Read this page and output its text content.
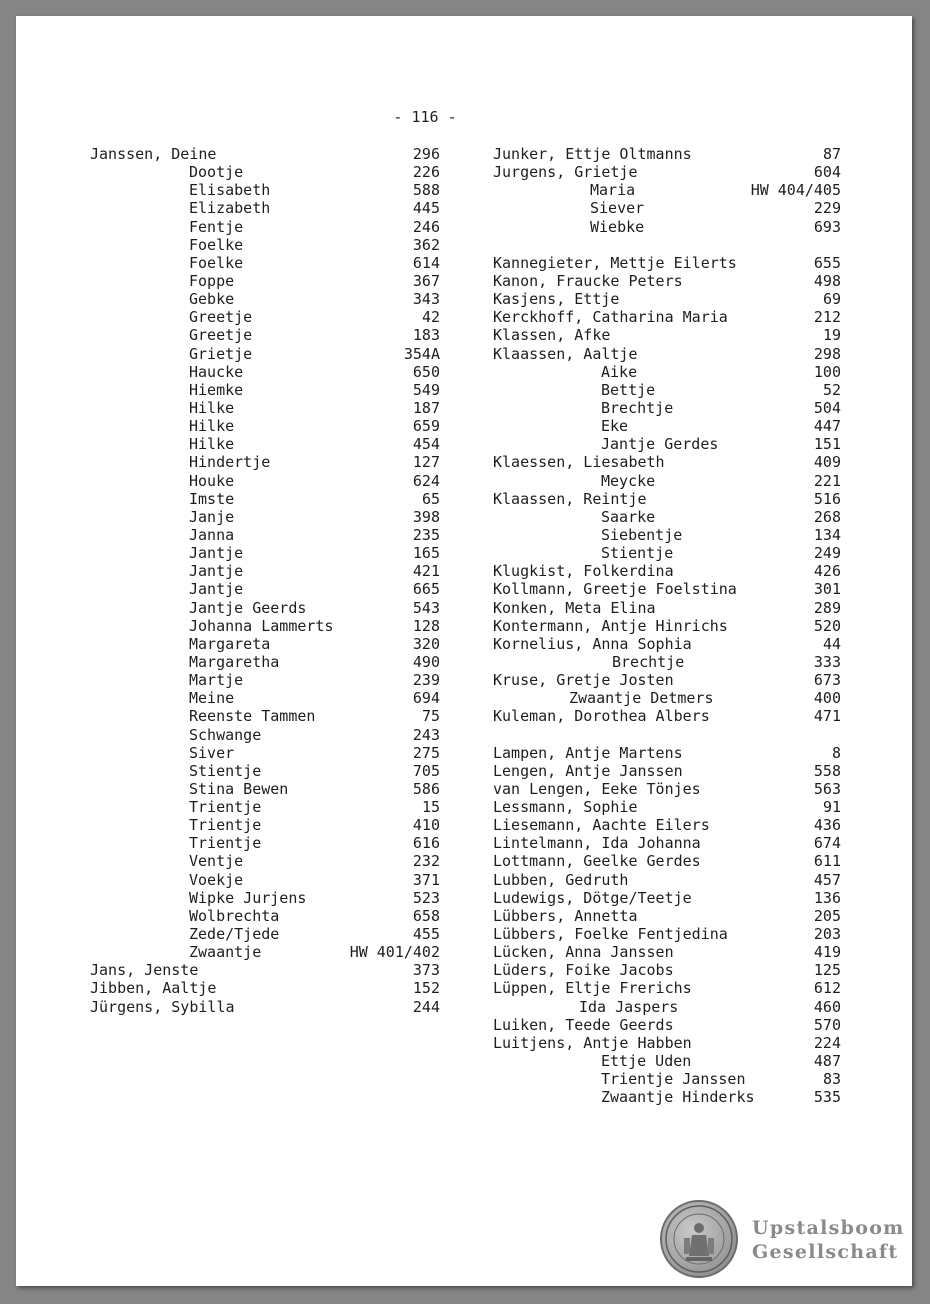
- 116 -
Janssen, Deine	296
Dootje	226
Elisabeth	588
Elizabeth	445
Fentje	246
Foelke	362
Foelke	614
Foppe	367
Gebke	343
Greetje	42
Greetje	183
Grietje	354A
Haucke	650
Hiemke	549
Hilke	187
Hilke	659
Hilke	454
Hindertje	127
Houke	624
Imste	65
Janje	398
Janna	235
Jantje	165
Jantje	421
Jantje	665
Jantje Geerds	543
Johanna Lammerts	128
Margareta	320
Margaretha	490
Martje	239
Meine	694
Reenste Tammen	75
Schwange	243
Siver	275
Stientje	705
Stina Bewen	586
Trientje	15
Trientje	410
Trientje	616
Ventje	232
Voekje	371
Wipke Jurjens	523
Wolbrechta	658
Zede/Tjede	455
Zwaantje	HW 401/402
Jans, Jenste	373
Jibben, Aaltje	152
Jürgens, Sybilla	244
Junker, Ettje Oltmanns	87
Jurgens, Grietje	604
Maria	HW 404/405
Siever	229
Wiebke	693
Kannegieter, Mettje Eilerts	655
Kanon, Fraucke Peters	498
Kasjens, Ettje	69
Kerckhoff, Catharina Maria	212
Klassen, Afke	19
Klaassen, Aaltje	298
Aike	100
Bettje	52
Brechtje	504
Eke	447
Jantje Gerdes	151
Klaessen, Liesabeth	409
Meycke	221
Klaassen, Reintje	516
Saarke	268
Siebentje	134
Stientje	249
Klugkist, Folkerdina	426
Kollmann, Greetje Foelstina	301
Konken, Meta Elina	289
Kontermann, Antje Hinrichs	520
Kornelius, Anna Sophia	44
Brechtje	333
Kruse, Gretje Josten	673
Zwaantje Detmers	400
Kuleman, Dorothea Albers	471
Lampen, Antje Martens	8
Lengen, Antje Janssen	558
van Lengen, Eeke Tönjes	563
Lessmann, Sophie	91
Liesemann, Aachte Eilers	436
Lintelmann, Ida Johanna	674
Lottmann, Geelke Gerdes	611
Lubben, Gedruth	457
Ludewigs, Dötge/Teetje	136
Lübbers, Annetta	205
Lübbers, Foelke Fentjedina	203
Lücken, Anna Janssen	419
Lüders, Foike Jacobs	125
Lüppen, Eltje Frerichs	612
Ida Jaspers	460
Luiken, Teede Geerds	570
Luitjens, Antje Habben	224
Ettje Uden	487
Trientje Janssen	83
Zwaantje Hinderks	535
Upstalsboom
Gesellschaft
